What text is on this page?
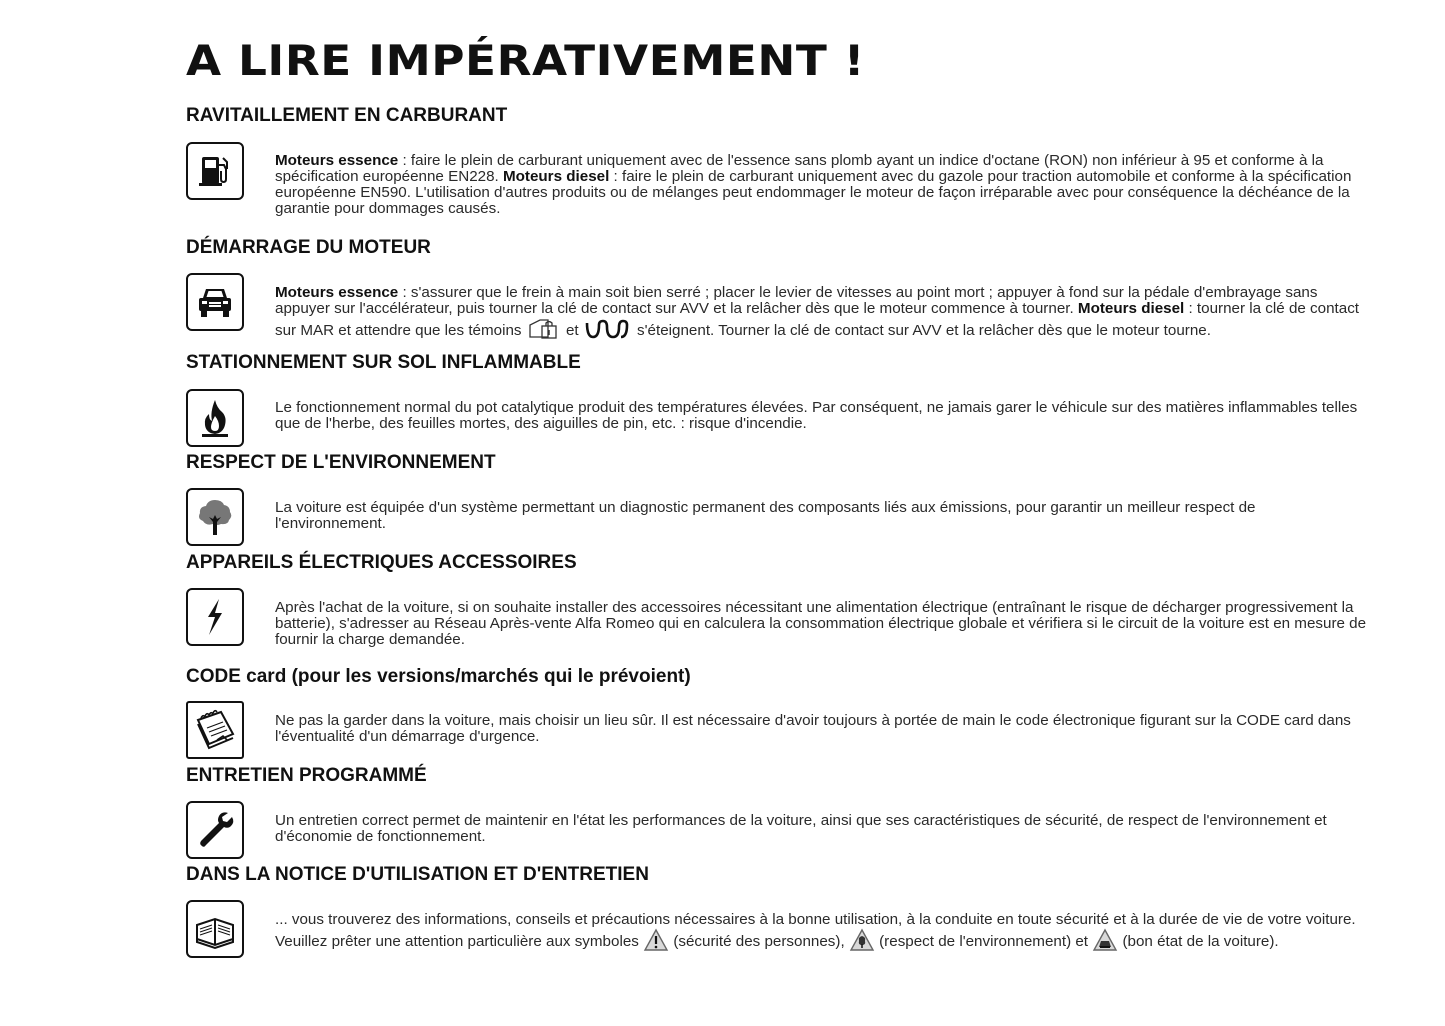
A LIRE IMPÉRATIVEMENT !
RAVITAILLEMENT EN CARBURANT

Moteurs essence : faire le plein de carburant uniquement avec de l'essence sans plomb ayant un indice d'octane (RON) non inférieur à 95 et conforme à la spécification européenne EN228. Moteurs diesel : faire le plein de carburant uniquement avec du gazole pour traction automobile et conforme à la spécification européenne EN590. L'utilisation d'autres produits ou de mélanges peut endommager le moteur de façon irréparable avec pour conséquence la déchéance de la garantie pour dommages causés.

DÉMARRAGE DU MOTEUR

Moteurs essence : s'assurer que le frein à main soit bien serré ; placer le levier de vitesses au point mort ; appuyer à fond sur la pédale d'embrayage sans appuyer sur l'accélérateur, puis tourner la clé de contact sur AVV et la relâcher dès que le moteur commence à tourner. Moteurs diesel : tourner la clé de contact sur MAR et attendre que les témoins  et	s'éteignent. Tourner la clé de contact sur AVV et la relâcher dès que le moteur tourne.

STATIONNEMENT SUR SOL INFLAMMABLE

Le fonctionnement normal du pot catalytique produit des températures élevées. Par conséquent, ne jamais garer le véhicule sur des matières inflammables telles que de l'herbe, des feuilles mortes, des aiguilles de pin, etc. : risque d'incendie.

RESPECT DE L'ENVIRONNEMENT

La voiture est équipée d'un système permettant un diagnostic permanent des composants liés aux émissions, pour garantir un meilleur respect de l'environnement.

APPAREILS ÉLECTRIQUES ACCESSOIRES

Après l'achat de la voiture, si on souhaite installer des accessoires nécessitant une alimentation électrique (entraînant le risque de décharger progressivement la batterie), s'adresser au Réseau Après-vente Alfa Romeo qui en calculera la consommation électrique globale et vérifiera si le circuit de la voiture est en mesure de fournir la charge demandée.

CODE card (pour les versions/marchés qui le prévoient)

Ne pas la garder dans la voiture, mais choisir un lieu sûr. Il est nécessaire d'avoir toujours à portée de main le code électronique figurant sur la CODE card dans l'éventualité d'un démarrage d'urgence.

ENTRETIEN PROGRAMMÉ

Un entretien correct permet de maintenir en l'état les performances de la voiture, ainsi que ses caractéristiques de sécurité, de respect de l'environnement et d'économie de fonctionnement.

DANS LA NOTICE D'UTILISATION ET D'ENTRETIEN

... vous trouverez des informations, conseils et précautions nécessaires à la bonne utilisation, à la conduite en toute sécurité et à la durée de vie de votre voiture. Veuillez prêter une attention particulière aux symboles  (sécurité des personnes),  (respect de l'environnement) et  (bon état de la voiture).
